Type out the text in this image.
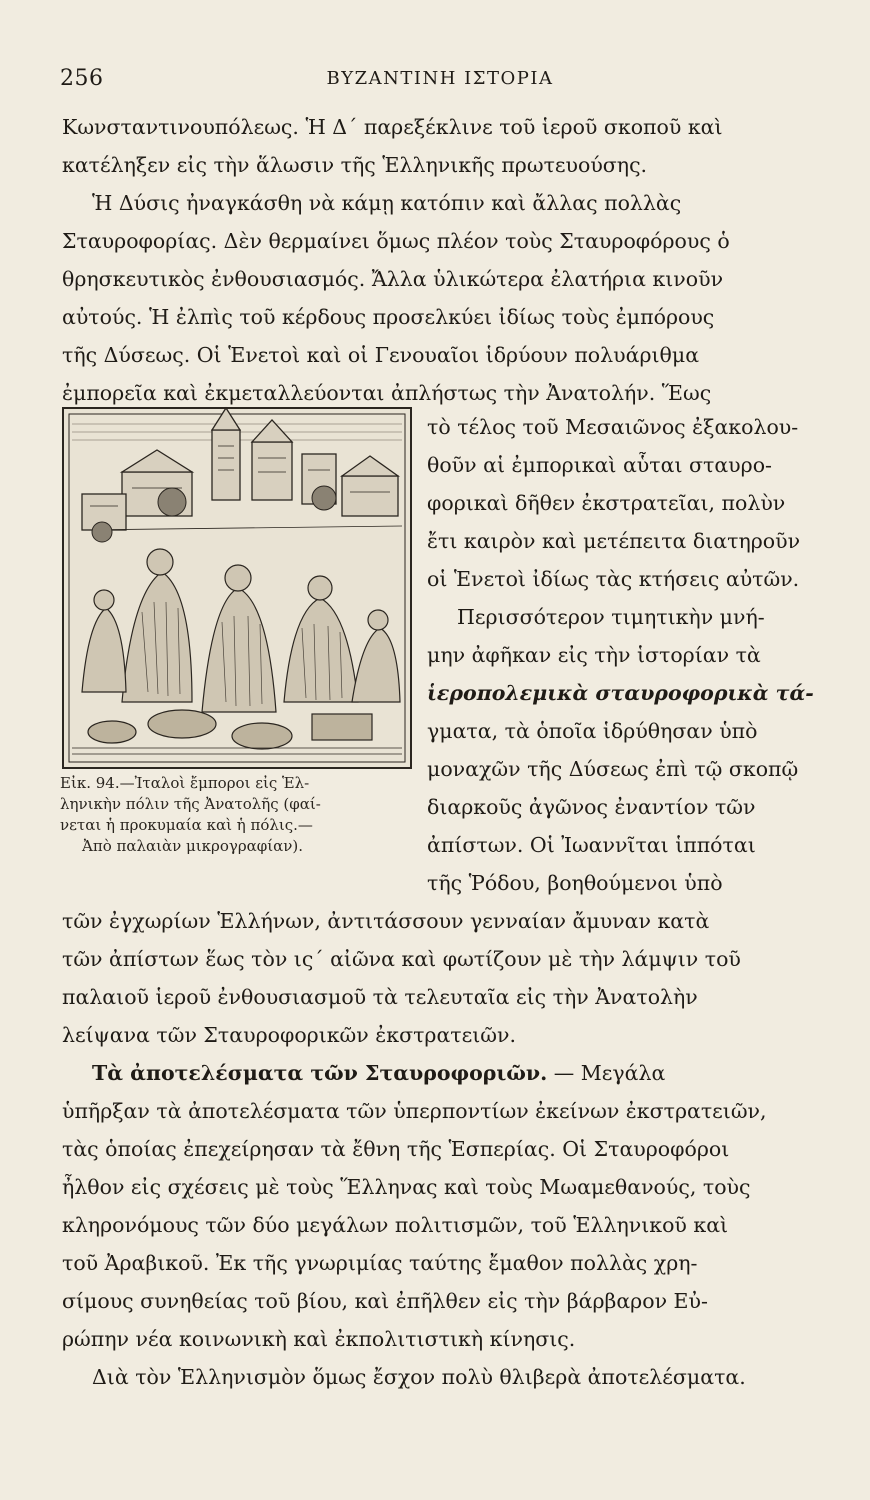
256	ΒΥΖΑΝΤΙΝΗ ΙΣΤΟΡΙΑ
Κωνσταντινουπόλεως. Ἡ Δ΄ παρεξέκλινε τοῦ ἱεροῦ σκοποῦ καὶ
κατέληξεν εἰς τὴν ἅλωσιν τῆς Ἑλληνικῆς πρωτευούσης.
Ἡ Δύσις ἠναγκάσθη νὰ κάμῃ κατόπιν καὶ ἄλλας πολλὰς
Σταυροφορίας. Δὲν θερμαίνει ὅμως πλέον τοὺς Σταυροφόρους ὁ
θρησκευτικὸς ἐνθουσιασμός. Ἄλλα ὑλικώτερα ἐλατήρια κινοῦν
αὐτούς. Ἡ ἐλπὶς τοῦ κέρδους προσελκύει ἰδίως τοὺς ἐμπόρους
τῆς Δύσεως. Οἱ Ἑνετοὶ καὶ οἱ Γενουαῖοι ἱδρύουν πολυάριθμα
ἐμπορεῖα καὶ ἐκμεταλλεύονται ἀπλήστως τὴν Ἀνατολήν. Ἕως
τὸ τέλος τοῦ Μεσαιῶνος ἐξακολου-
θοῦν αἱ ἐμπορικαὶ αὗται σταυρο-
φορικαὶ δῆθεν ἐκστρατεῖαι, πολὺν
ἔτι καιρὸν καὶ μετέπειτα διατηροῦν
οἱ Ἑνετοὶ ἰδίως τὰς κτήσεις αὐτῶν.
Περισσότερον τιμητικὴν μνή-
μην ἀφῆκαν εἰς τὴν ἱστορίαν τὰ
ἱεροπολεμικὰ σταυροφορικὰ τά-
γματα, τὰ ὁποῖα ἱδρύθησαν ὑπὸ
μοναχῶν τῆς Δύσεως ἐπὶ τῷ σκοπῷ
διαρκοῦς ἀγῶνος ἐναντίον τῶν
ἀπίστων. Οἱ Ἰωαννῖται ἱππόται
τῆς Ῥόδου, βοηθούμενοι ὑπὸ
Εἰκ. 94.—Ἰταλοὶ ἔμποροι εἰς Ἑλ-
ληνικὴν πόλιν τῆς Ἀνατολῆς (φαί-
νεται ἡ προκυμαία καὶ ἡ πόλις.—
Ἀπὸ παλαιὰν μικρογραφίαν).
τῶν ἐγχωρίων Ἑλλήνων, ἀντιτάσσουν γενναίαν ἄμυναν κατὰ
τῶν ἀπίστων ἕως τὸν ις΄ αἰῶνα καὶ φωτίζουν μὲ τὴν λάμψιν τοῦ
παλαιοῦ ἱεροῦ ἐνθουσιασμοῦ τὰ τελευταῖα εἰς τὴν Ἀνατολὴν
λείψανα τῶν Σταυροφορικῶν ἐκστρατειῶν.
Τὰ ἀποτελέσματα τῶν Σταυροφοριῶν. — Μεγάλα
ὑπῆρξαν τὰ ἀποτελέσματα τῶν ὑπερποντίων ἐκείνων ἐκστρατειῶν,
τὰς ὁποίας ἐπεχείρησαν τὰ ἔθνη τῆς Ἑσπερίας. Οἱ Σταυροφόροι
ἦλθον εἰς σχέσεις μὲ τοὺς Ἕλληνας καὶ τοὺς Μωαμεθανούς, τοὺς
κληρονόμους τῶν δύο μεγάλων πολιτισμῶν, τοῦ Ἑλληνικοῦ καὶ
τοῦ Ἀραβικοῦ. Ἐκ τῆς γνωριμίας ταύτης ἔμαθον πολλὰς χρη-
σίμους συνηθείας τοῦ βίου, καὶ ἐπῆλθεν εἰς τὴν βάρβαρον Εὐ-
ρώπην νέα κοινωνικὴ καὶ ἐκπολιτιστικὴ κίνησις.
Διὰ τὸν Ἑλληνισμὸν ὅμως ἔσχον πολὺ θλιβερὰ ἀποτελέσματα.
